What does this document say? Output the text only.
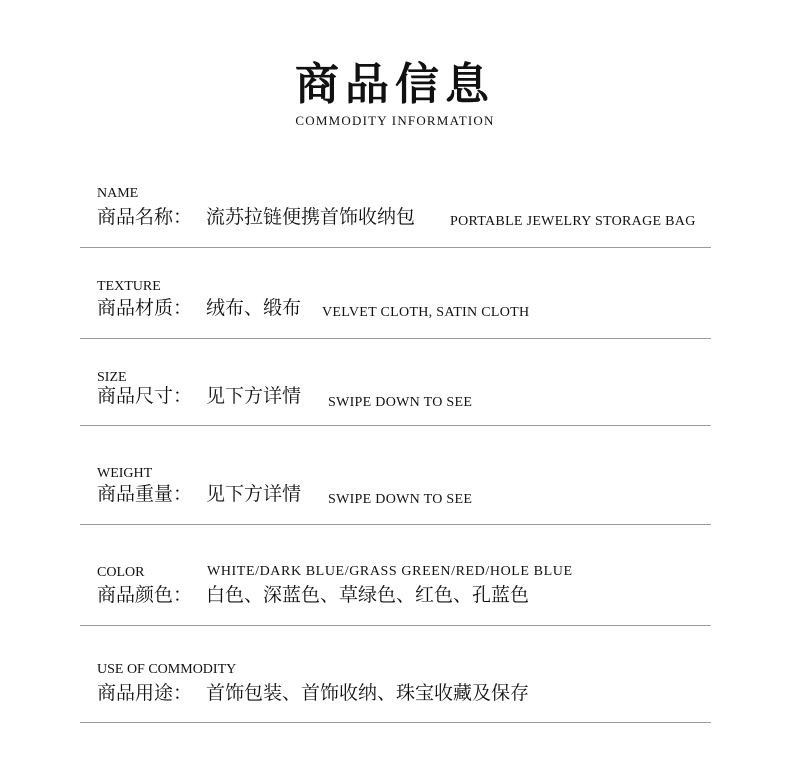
商品信息
COMMODITY INFORMATION
NAME
商品名称： 流苏拉链便携首饰收纳包 PORTABLE JEWELRY STORAGE BAG
TEXTURE
商品材质： 绒布、缎布 VELVET CLOTH, SATIN CLOTH
SIZE
商品尺寸： 见下方详情 SWIPE DOWN TO SEE
WEIGHT
商品重量： 见下方详情 SWIPE DOWN TO SEE
COLOR	WHITE/DARK BLUE/GRASS GREEN/RED/HOLE BLUE
商品颜色： 白色、深蓝色、草绿色、红色、孔蓝色
USE OF COMMODITY
商品用途： 首饰包装、首饰收纳、珠宝收藏及保存
